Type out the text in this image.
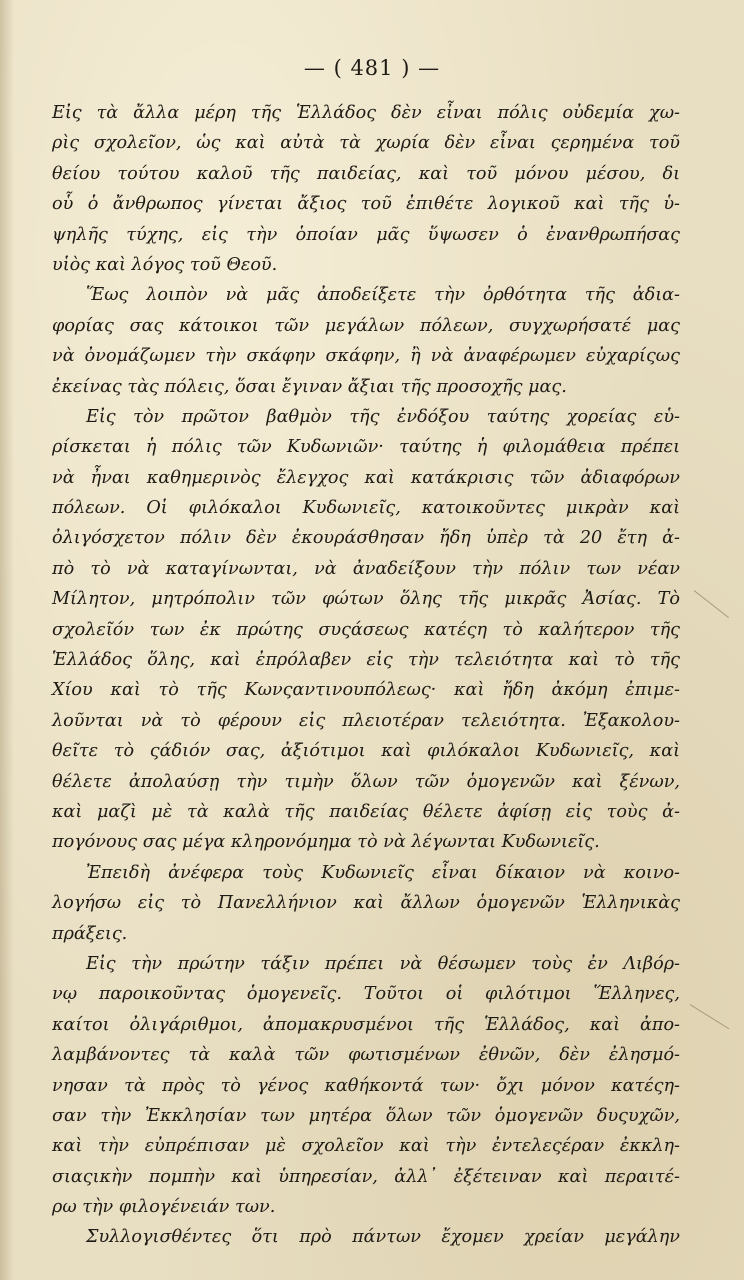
— ( 481 ) —
Εἰς τὰ ἄλλα μέρη τῆς Ἑλλάδος δὲν εἶναι πόλις οὐδεμία χω-
ρὶς σχολεῖον, ὡς καὶ αὐτὰ τὰ χωρία δὲν εἶναι ςερημένα τοῦ
θείου τούτου καλοῦ τῆς παιδείας, καὶ τοῦ μόνου μέσου, δι
οὗ ὁ ἄνθρωπος γίνεται ἄξιος τοῦ ἐπιθέτε λογικοῦ καὶ τῆς ὑ-
ψηλῆς τύχης, εἰς τὴν ὁποίαν μᾶς ὕψωσεν ὁ ἐνανθρωπήσας
υἱὸς καὶ λόγος τοῦ Θεοῦ.
Ἕως λοιπὸν νὰ μᾶς ἀποδείξετε τὴν ὀρθότητα τῆς ἀδια-
φορίας σας κάτοικοι τῶν μεγάλων πόλεων, συγχωρήσατέ μας
νὰ ὀνομάζωμεν τὴν σκάφην σκάφην, ἢ νὰ ἀναφέρωμεν εὐχαρίςως
ἐκείνας τὰς πόλεις, ὅσαι ἔγιναν ἄξιαι τῆς προσοχῆς μας.
Εἰς τὸν πρῶτον βαθμὸν τῆς ἐνδόξου ταύτης χορείας εὑ-
ρίσκεται ἡ πόλις τῶν Κυδωνιῶν· ταύτης ἡ φιλομάθεια πρέπει
νὰ ἦναι καθημερινὸς ἔλεγχος καὶ κατάκρισις τῶν ἀδιαφόρων
πόλεων. Οἱ φιλόκαλοι Κυδωνιεῖς, κατοικοῦντες μικρὰν καὶ
ὀλιγόσχετον πόλιν δὲν ἐκουράσθησαν ἤδη ὑπὲρ τὰ 20 ἔτη ἀ-
πὸ τὸ νὰ καταγίνωνται, νὰ ἀναδείξουν τὴν πόλιν των νέαν
Μίλητον, μητρόπολιν τῶν φώτων ὅλης τῆς μικρᾶς Ἀσίας. Τὸ
σχολεῖόν των ἐκ πρώτης συςάσεως κατέςη τὸ καλήτερον τῆς
Ἑλλάδος ὅλης, καὶ ἐπρόλαβεν εἰς τὴν τελειότητα καὶ τὸ τῆς
Χίου καὶ τὸ τῆς Κωνςαντινουπόλεως· καὶ ἤδη ἀκόμη ἐπιμε-
λοῦνται νὰ τὸ φέρουν εἰς πλειοτέραν τελειότητα. Ἐξακολου-
θεῖτε τὸ ςάδιόν σας, ἀξιότιμοι καὶ φιλόκαλοι Κυδωνιεῖς, καὶ
θέλετε ἀπολαύσῃ τὴν τιμὴν ὅλων τῶν ὁμογενῶν καὶ ξένων,
καὶ μαζὶ μὲ τὰ καλὰ τῆς παιδείας θέλετε ἀφίσῃ εἰς τοὺς ἀ-
πογόνους σας μέγα κληρονόμημα τὸ νὰ λέγωνται Κυδωνιεῖς.
Ἐπειδὴ ἀνέφερα τοὺς Κυδωνιεῖς εἶναι δίκαιον νὰ κοινο-
λογήσω εἰς τὸ Πανελλήνιον καὶ ἄλλων ὁμογενῶν Ἑλληνικὰς
πράξεις.
Εἰς τὴν πρώτην τάξιν πρέπει νὰ θέσωμεν τοὺς ἐν Λιβόρ-
νῳ παροικοῦντας ὁμογενεῖς. Τοῦτοι οἱ φιλότιμοι Ἕλληνες,
καίτοι ὀλιγάριθμοι, ἀπομακρυσμένοι τῆς Ἑλλάδος, καὶ ἀπο-
λαμβάνοντες τὰ καλὰ τῶν φωτισμένων ἐθνῶν, δὲν ἐλησμό-
νησαν τὰ πρὸς τὸ γένος καθήκοντά των· ὄχι μόνον κατέςη-
σαν τὴν Ἐκκλησίαν των μητέρα ὅλων τῶν ὁμογενῶν δυςυχῶν,
καὶ τὴν εὐπρέπισαν μὲ σχολεῖον καὶ τὴν ἐντελεςέραν ἐκκλη-
σιαςικὴν πομπὴν καὶ ὑπηρεσίαν, ἀλλ᾽ ἐξέτειναν καὶ περαιτέ-
ρω τὴν φιλογένειάν των.
Συλλογισθέντες ὅτι πρὸ πάντων ἔχομεν χρείαν μεγάλην
